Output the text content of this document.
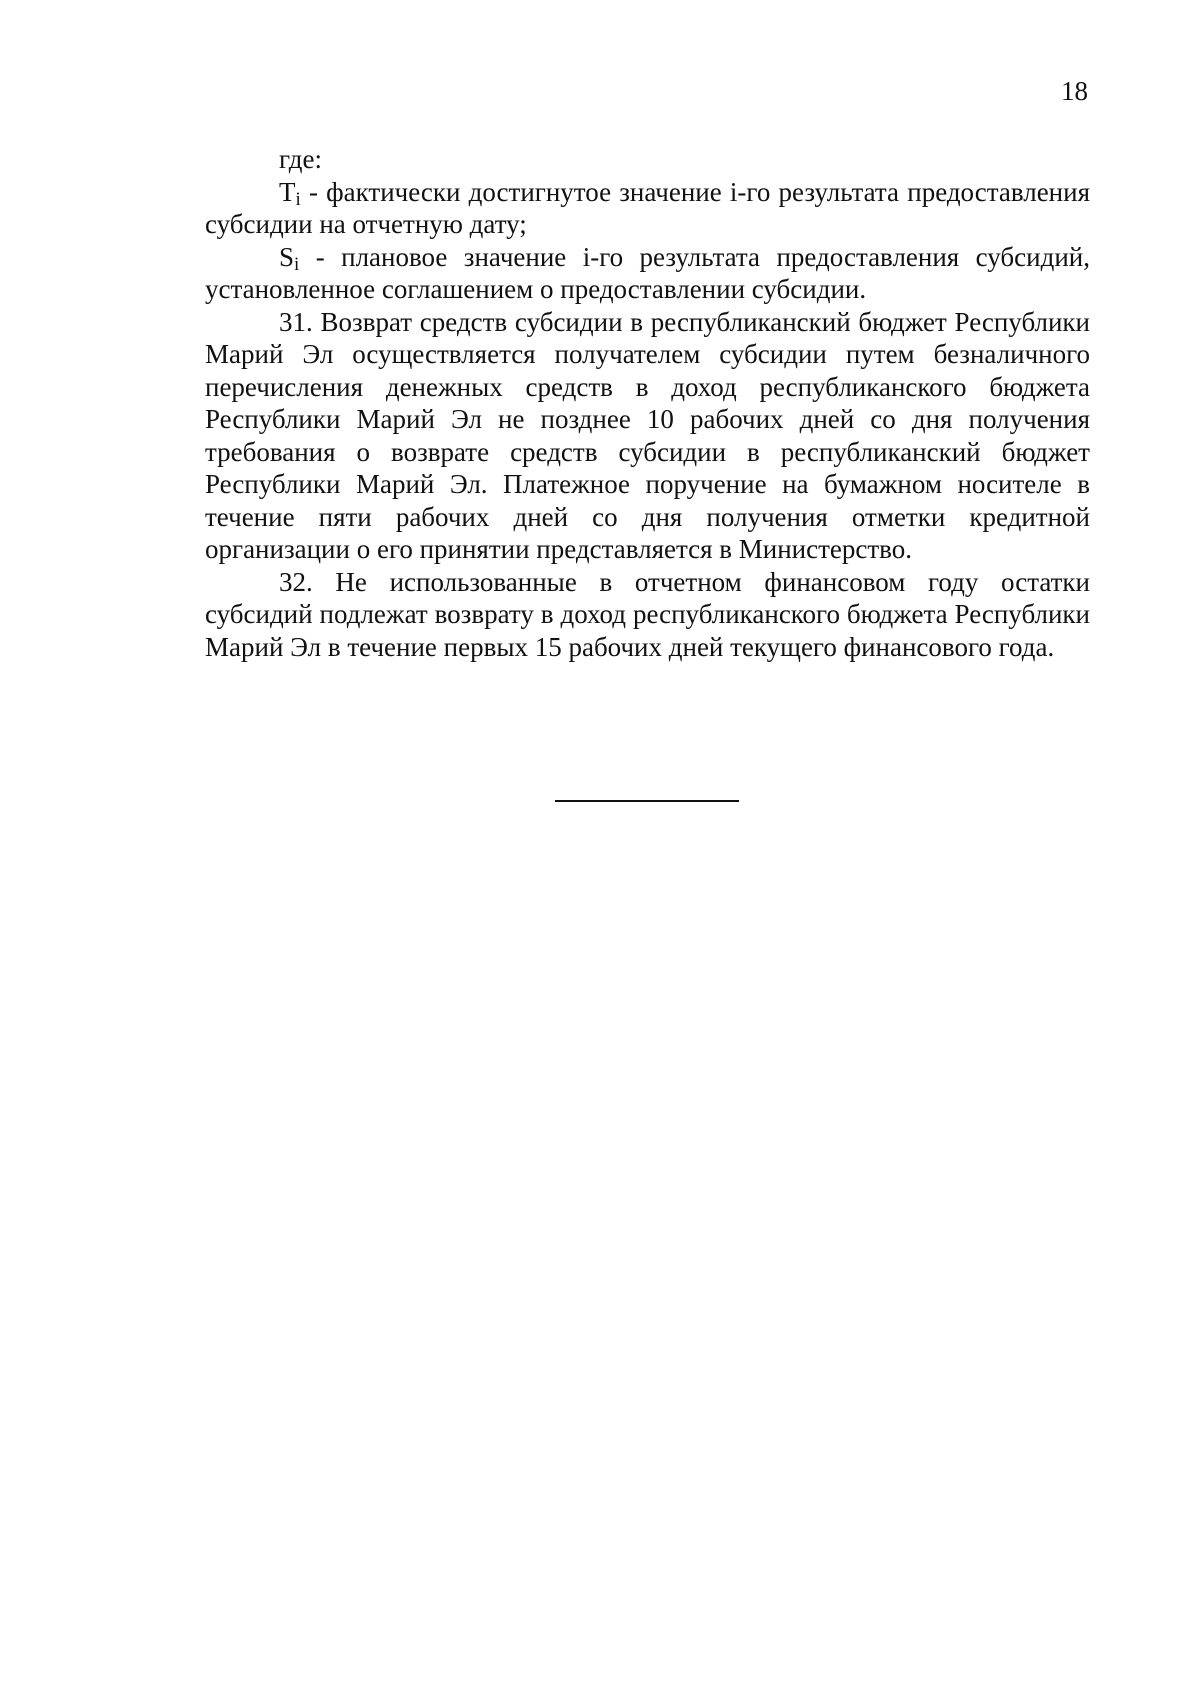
18

где:

$T_i$ - фактически достигнутое значение i-го результата предоставления субсидии на отчетную дату;

$S_i$ - плановое значение i-го результата предоставления субсидий, установленное соглашением о предоставлении субсидии.

31. Возврат средств субсидии в республиканский бюджет Республики Марий Эл осуществляется получателем субсидии путем безналичного перечисления денежных средств в доход республиканского бюджета Республики Марий Эл не позднее 10 рабочих дней со дня получения требования о возврате средств субсидии в республиканский бюджет Республики Марий Эл. Платежное поручение на бумажном носителе в течение пяти рабочих дней со дня получения отметки кредитной организации о его принятии представляется в Министерство.

32. Не использованные в отчетном финансовом году остатки субсидий подлежат возврату в доход республиканского бюджета Республики Марий Эл в течение первых 15 рабочих дней текущего финансового года.
